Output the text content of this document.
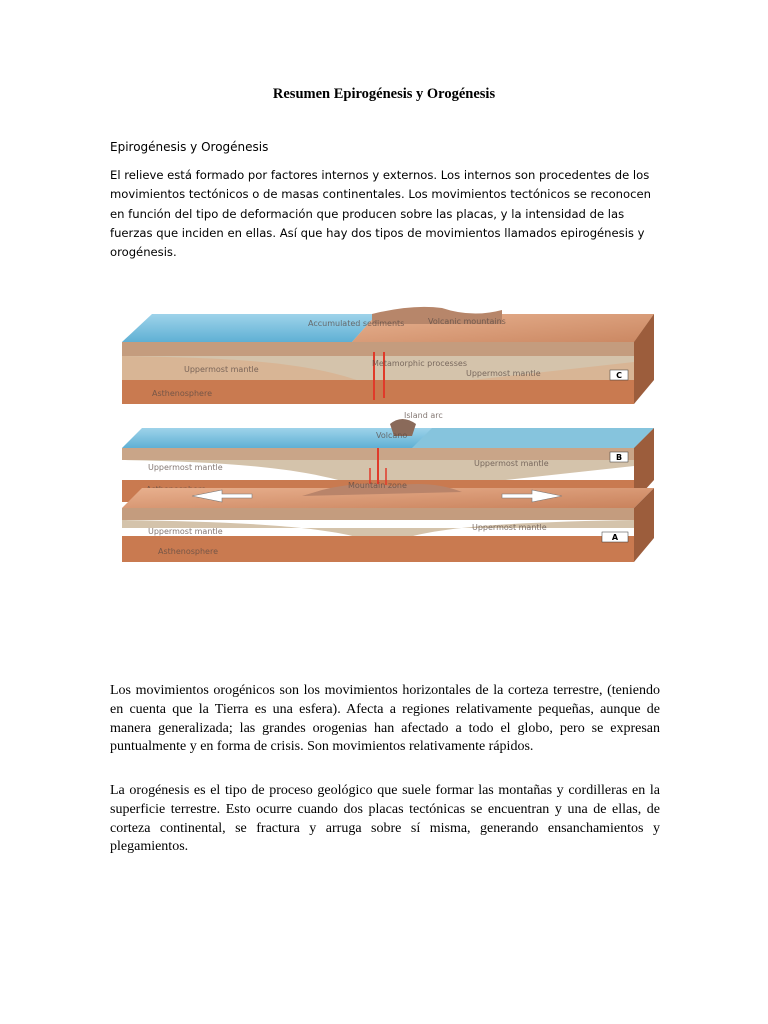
Resumen Epirogénesis y Orogénesis
Epirogénesis y Orogénesis
El relieve está formado por factores internos y externos. Los internos son procedentes de los movimientos tectónicos o de masas continentales. Los movimientos tectónicos se reconocen en función del tipo de deformación que producen sobre las placas, y la intensidad de las fuerzas que inciden en ellas. Así que hay dos tipos de movimientos llamados epirogénesis y orogénesis.
C
Accumulated sediments	Volcanic mountains
Metamorphic processes
Uppermost mantle	Uppermost mantle
Asthenosphere
B
Island arc
Volcano
Uppermost mantle	Uppermost mantle
A
Mountain zone
Uppermost mantle	Uppermost mantle
Asthenosphere
Los movimientos orogénicos son los movimientos horizontales de la corteza terrestre, (teniendo en cuenta que la Tierra es una esfera). Afecta a regiones relativamente pequeñas, aunque de manera generalizada; las grandes orogenias han afectado a todo el globo, pero se expresan puntualmente y en forma de crisis. Son movimientos relativamente rápidos.
La orogénesis es el tipo de proceso geológico que suele formar las montañas y cordilleras en la superficie terrestre. Esto ocurre cuando dos placas tectónicas se encuentran y una de ellas, de corteza continental, se fractura y arruga sobre sí misma, generando ensanchamientos y plegamientos.
